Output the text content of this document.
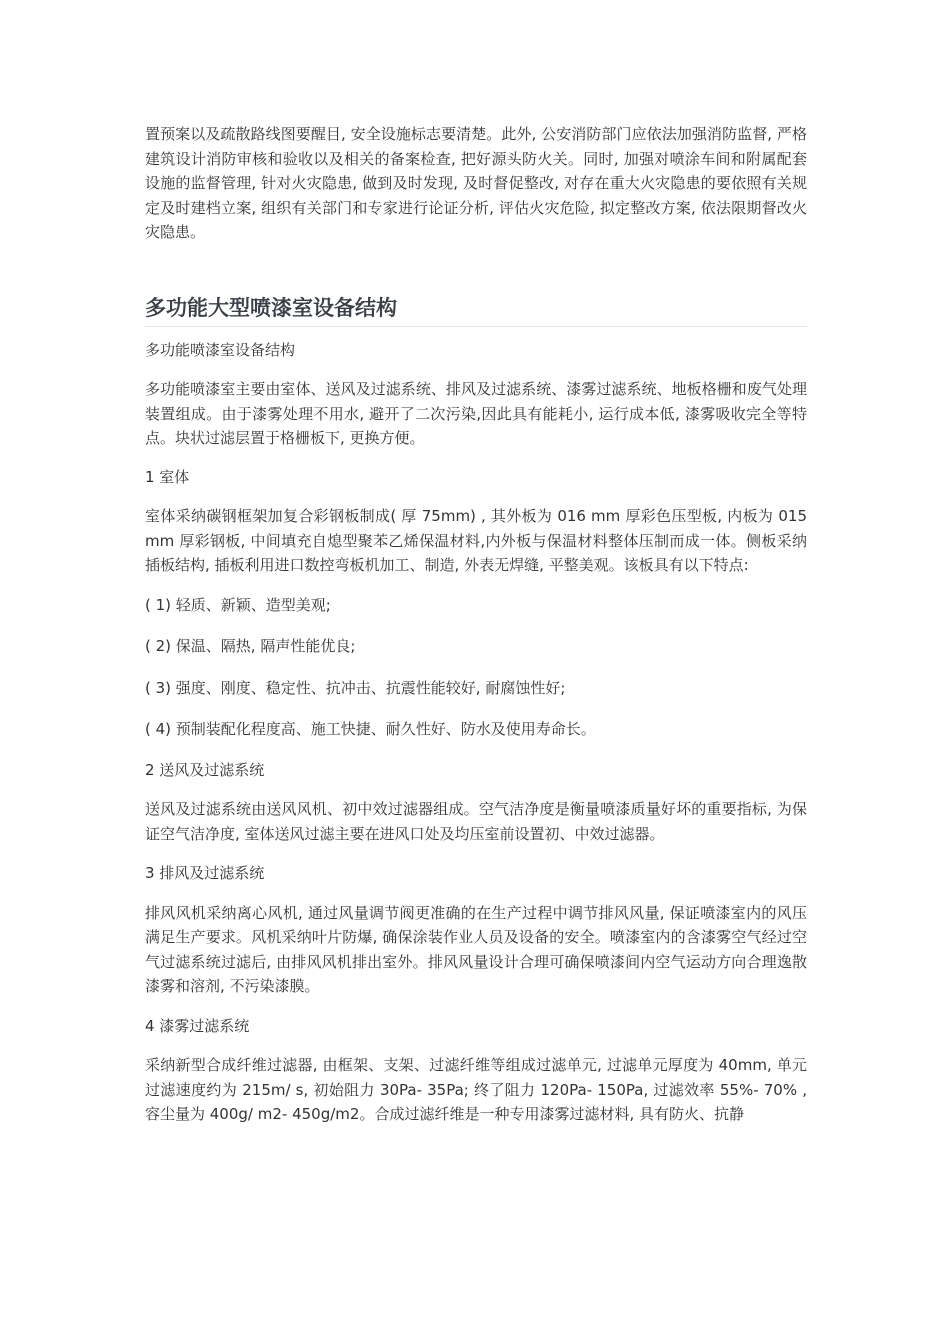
置预案以及疏散路线图要醒目, 安全设施标志要清楚。此外, 公安消防部门应依法加强消防监督, 严格建筑设计消防审核和验收以及相关的备案检查, 把好源头防火关。同时, 加强对喷涂车间和附属配套设施的监督管理, 针对火灾隐患, 做到及时发现, 及时督促整改, 对存在重大火灾隐患的要依照有关规定及时建档立案, 组织有关部门和专家进行论证分析, 评估火灾危险, 拟定整改方案, 依法限期督改火灾隐患。

多功能大型喷漆室设备结构

多功能喷漆室设备结构

多功能喷漆室主要由室体、送风及过滤系统、排风及过滤系统、漆雾过滤系统、地板格栅和废气处理装置组成。由于漆雾处理不用水, 避开了二次污染,因此具有能耗小, 运行成本低, 漆雾吸收完全等特点。块状过滤层置于格栅板下, 更换方便。

1 室体

室体采纳碳钢框架加复合彩钢板制成( 厚 75mm) , 其外板为 016 mm 厚彩色压型板, 内板为 015mm 厚彩钢板, 中间填充自熄型聚苯乙烯保温材料,内外板与保温材料整体压制而成一体。侧板采纳插板结构, 插板利用进口数控弯板机加工、制造, 外表无焊缝, 平整美观。该板具有以下特点:

( 1) 轻质、新颖、造型美观;

( 2) 保温、隔热, 隔声性能优良;

( 3) 强度、刚度、稳定性、抗冲击、抗震性能较好, 耐腐蚀性好;

( 4) 预制装配化程度高、施工快捷、耐久性好、防水及使用寿命长。

2 送风及过滤系统

送风及过滤系统由送风风机、初中效过滤器组成。空气洁净度是衡量喷漆质量好坏的重要指标, 为保证空气洁净度, 室体送风过滤主要在进风口处及均压室前设置初、中效过滤器。

3 排风及过滤系统

排风风机采纳离心风机, 通过风量调节阀更准确的在生产过程中调节排风风量, 保证喷漆室内的风压满足生产要求。风机采纳叶片防爆, 确保涂装作业人员及设备的安全。喷漆室内的含漆雾空气经过空气过滤系统过滤后, 由排风风机排出室外。排风风量设计合理可确保喷漆间内空气运动方向合理逸散漆雾和溶剂, 不污染漆膜。

4 漆雾过滤系统

采纳新型合成纤维过滤器, 由框架、支架、过滤纤维等组成过滤单元, 过滤单元厚度为 40mm, 单元过滤速度约为 215m/ s, 初始阻力 30Pa- 35Pa; 终了阻力 120Pa- 150Pa, 过滤效率 55%- 70% , 容尘量为 400g/ m2- 450g/m2。合成过滤纤维是一种专用漆雾过滤材料, 具有防火、抗静
